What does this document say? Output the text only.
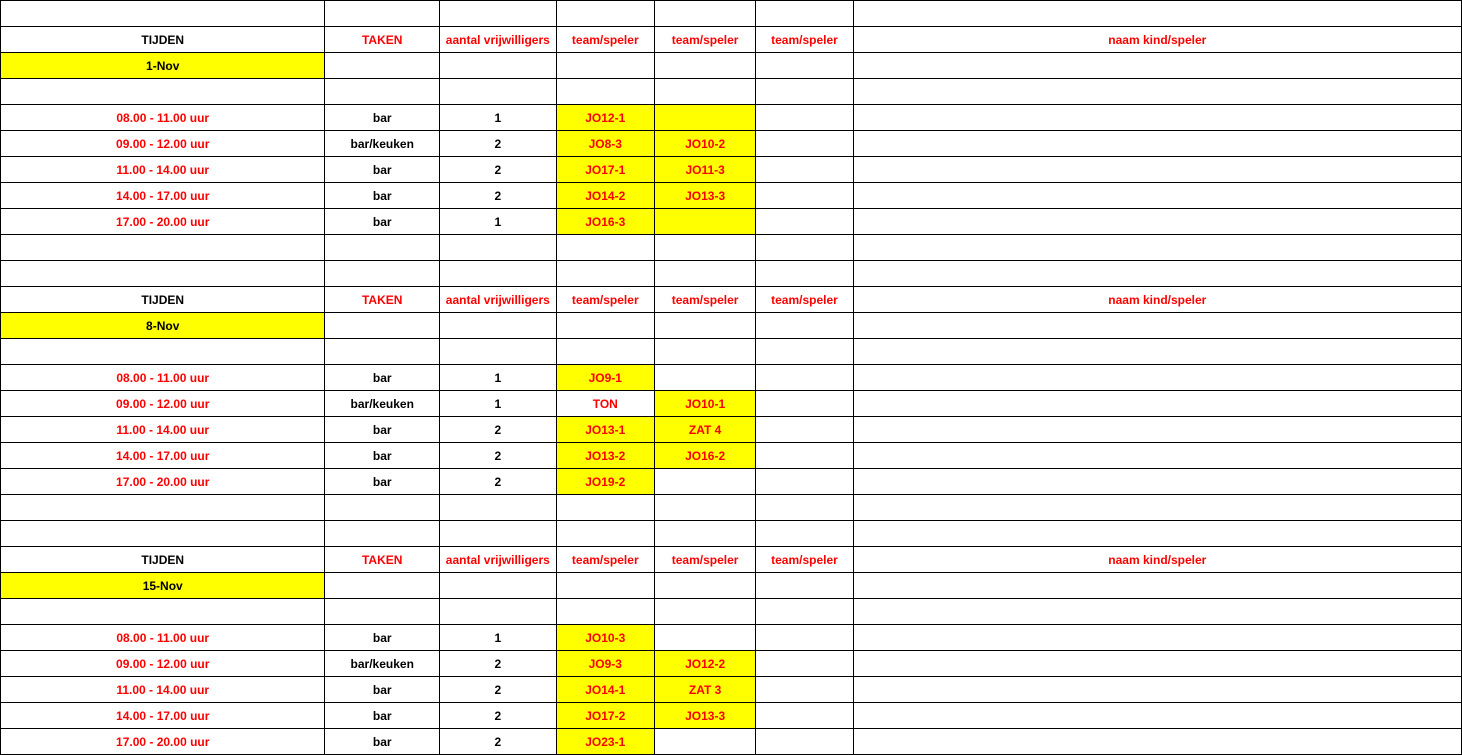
TIJDEN	TAKEN	aantal vrijwilligers	team/speler	team/speler	team/speler	naam kind/speler
1-Nov						

08.00 - 11.00 uur	bar	1	JO12-1			
09.00 - 12.00 uur	bar/keuken	2	JO8-3	JO10-2		
11.00 - 14.00 uur	bar	2	JO17-1	JO11-3		
14.00 - 17.00 uur	bar	2	JO14-2	JO13-3		
17.00 - 20.00 uur	bar	1	JO16-3			

TIJDEN	TAKEN	aantal vrijwilligers	team/speler	team/speler	team/speler	naam kind/speler
8-Nov						

08.00 - 11.00 uur	bar	1	JO9-1			
09.00 - 12.00 uur	bar/keuken	1	TON	JO10-1		
11.00 - 14.00 uur	bar	2	JO13-1	ZAT 4		
14.00 - 17.00 uur	bar	2	JO13-2	JO16-2		
17.00 - 20.00 uur	bar	2	JO19-2			

TIJDEN	TAKEN	aantal vrijwilligers	team/speler	team/speler	team/speler	naam kind/speler
15-Nov						

08.00 - 11.00 uur	bar	1	JO10-3			
09.00 - 12.00 uur	bar/keuken	2	JO9-3	JO12-2		
11.00 - 14.00 uur	bar	2	JO14-1	ZAT 3		
14.00 - 17.00 uur	bar	2	JO17-2	JO13-3		
17.00 - 20.00 uur	bar	2	JO23-1			
